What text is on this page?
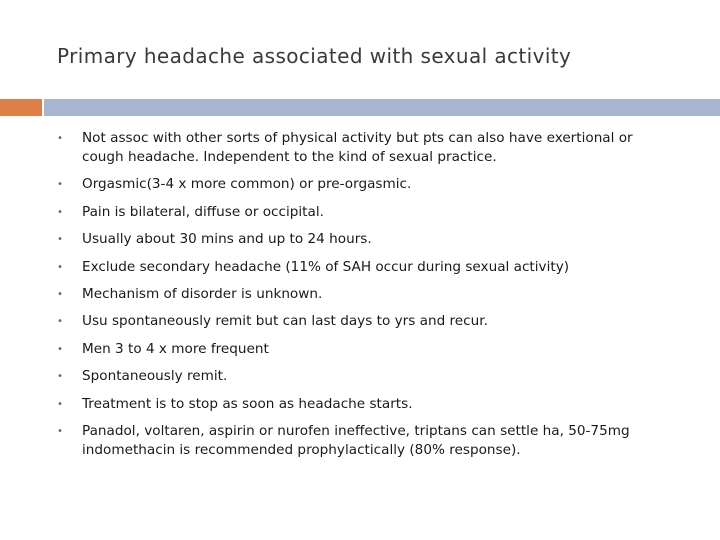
Primary headache associated with sexual activity
•	Not assoc with other sorts of physical activity but pts can also have exertional or cough headache. Independent to the kind of sexual practice.
•	Orgasmic(3-4 x more common) or pre-orgasmic.
•	Pain is bilateral, diffuse or occipital.
•	Usually about 30 mins and up to 24 hours.
•	Exclude secondary headache (11% of SAH occur during sexual activity)
•	Mechanism of disorder is unknown.
•	Usu spontaneously remit but can last days to yrs and recur.
•	Men 3 to 4 x more frequent
•	Spontaneously remit.
•	Treatment is to stop as soon as headache starts.
•	Panadol, voltaren, aspirin or nurofen ineffective, triptans can settle ha, 50-75mg indomethacin is recommended prophylactically (80% response).
